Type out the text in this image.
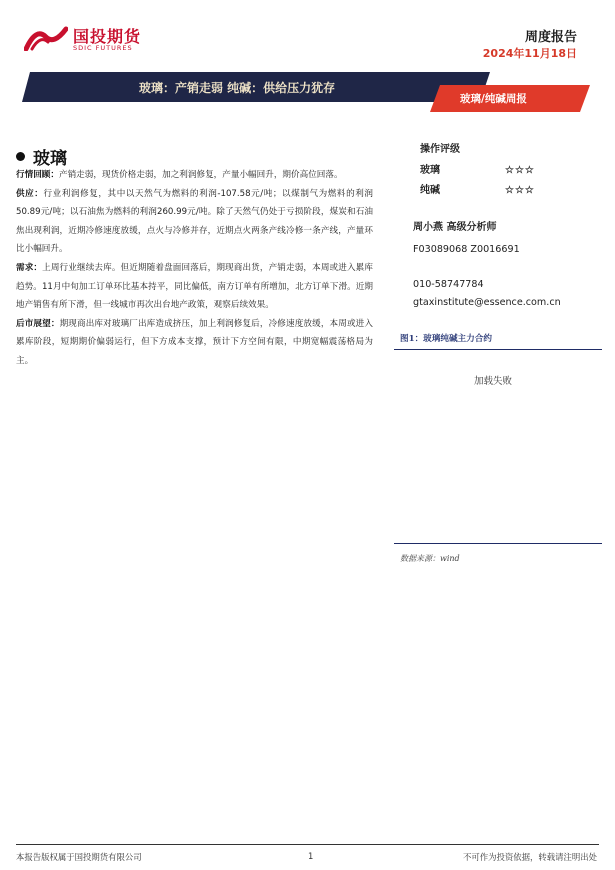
国投期货
SDIC FUTURES
周度报告
2024年11月18日
玻璃：产销走弱 纯碱：供给压力犹存
玻璃/纯碱周报
玻璃

行情回顾：产销走弱，现货价格走弱，加之利润修复，产量小幅回升，期价高位回落。

供应：行业利润修复，其中以天然气为燃料的利润-107.58元/吨；以煤制气为燃料的利润50.89元/吨；以石油焦为燃料的利润260.99元/吨。除了天然气仍处于亏损阶段，煤炭和石油焦出现利润，近期冷修速度放缓，点火与冷修并存，近期点火两条产线冷修一条产线，产量环比小幅回升。

需求：上周行业继续去库。但近期随着盘面回落后，期现商出货，产销走弱，本周或进入累库趋势。11月中旬加工订单环比基本持平，同比偏低，南方订单有所增加，北方订单下滑。近期地产销售有所下滑，但一线城市再次出台地产政策，观察后续效果。

后市展望：期现商出库对玻璃厂出库造成挤压，加上利润修复后，冷修速度放缓，本周或进入累库阶段，短期期价偏弱运行，但下方成本支撑，预计下方空间有限，中期宽幅震荡格局为主。

操作评级
玻璃	☆☆☆
纯碱	☆☆☆
周小燕 高级分析师
F03089068 Z0016691
010-58747784
gtaxinstitute@essence.com.cn
图1：玻璃纯碱主力合约
加载失败
数据来源：wind
本报告版权属于国投期货有限公司	1	不可作为投资依据，转载请注明出处
